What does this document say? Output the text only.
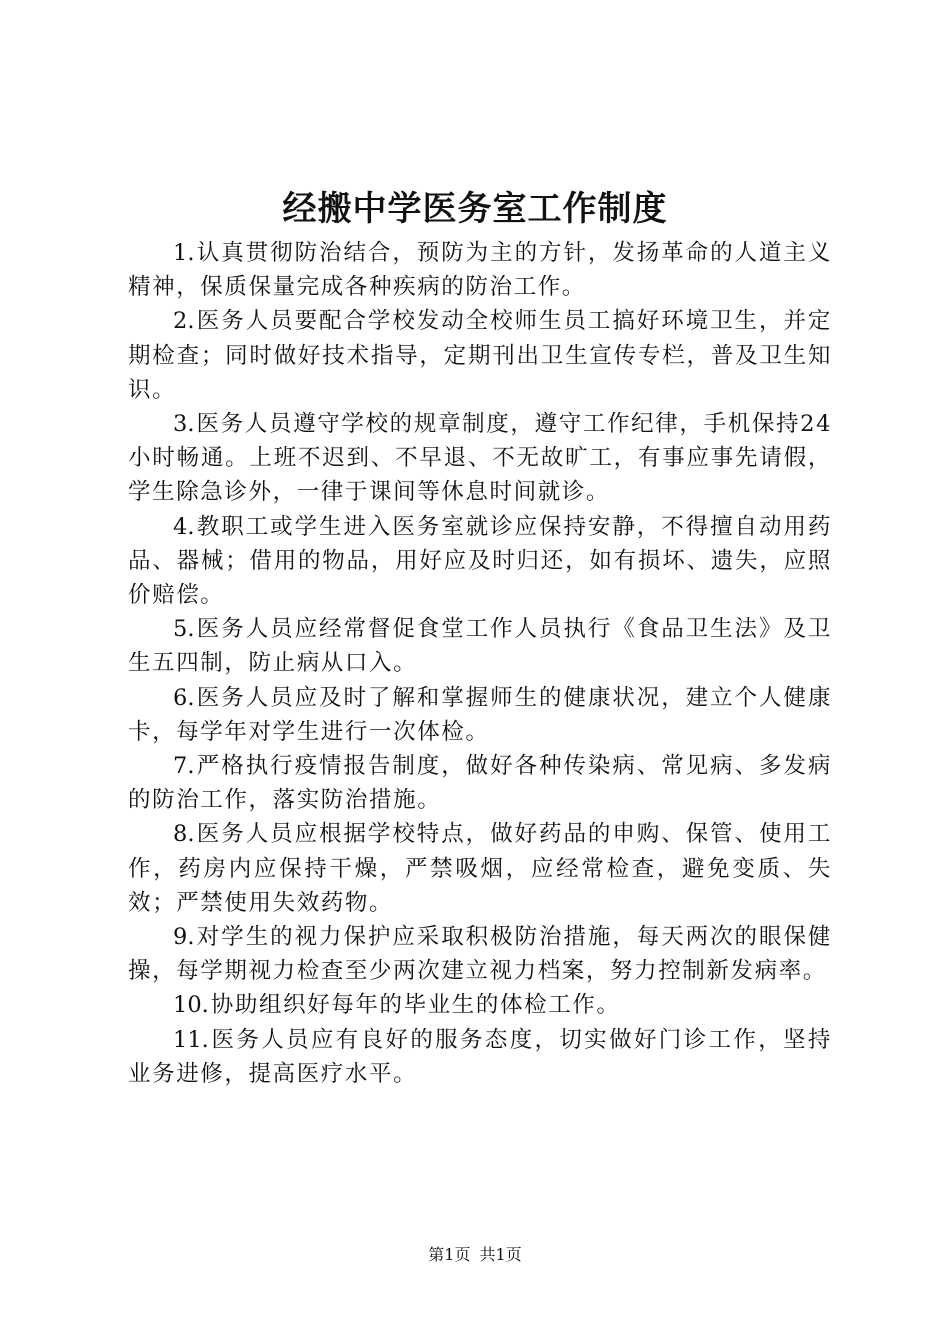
经搬中学医务室工作制度

1.认真贯彻防治结合，预防为主的方针，发扬革命的人道主义精神，保质保量完成各种疾病的防治工作。

2.医务人员要配合学校发动全校师生员工搞好环境卫生，并定期检查；同时做好技术指导，定期刊出卫生宣传专栏，普及卫生知识。

3.医务人员遵守学校的规章制度，遵守工作纪律，手机保持24小时畅通。上班不迟到、不早退、不无故旷工，有事应事先请假，学生除急诊外，一律于课间等休息时间就诊。

4.教职工或学生进入医务室就诊应保持安静，不得擅自动用药品、器械；借用的物品，用好应及时归还，如有损坏、遗失，应照价赔偿。

5.医务人员应经常督促食堂工作人员执行《食品卫生法》及卫生五四制，防止病从口入。

6.医务人员应及时了解和掌握师生的健康状况，建立个人健康卡，每学年对学生进行一次体检。

7.严格执行疫情报告制度，做好各种传染病、常见病、多发病的防治工作，落实防治措施。

8.医务人员应根据学校特点，做好药品的申购、保管、使用工作，药房内应保持干燥，严禁吸烟，应经常检查，避免变质、失效；严禁使用失效药物。

9.对学生的视力保护应采取积极防治措施，每天两次的眼保健操，每学期视力检查至少两次建立视力档案，努力控制新发病率。

10.协助组织好每年的毕业生的体检工作。

11.医务人员应有良好的服务态度，切实做好门诊工作，坚持业务进修，提高医疗水平。

第1页 共1页
